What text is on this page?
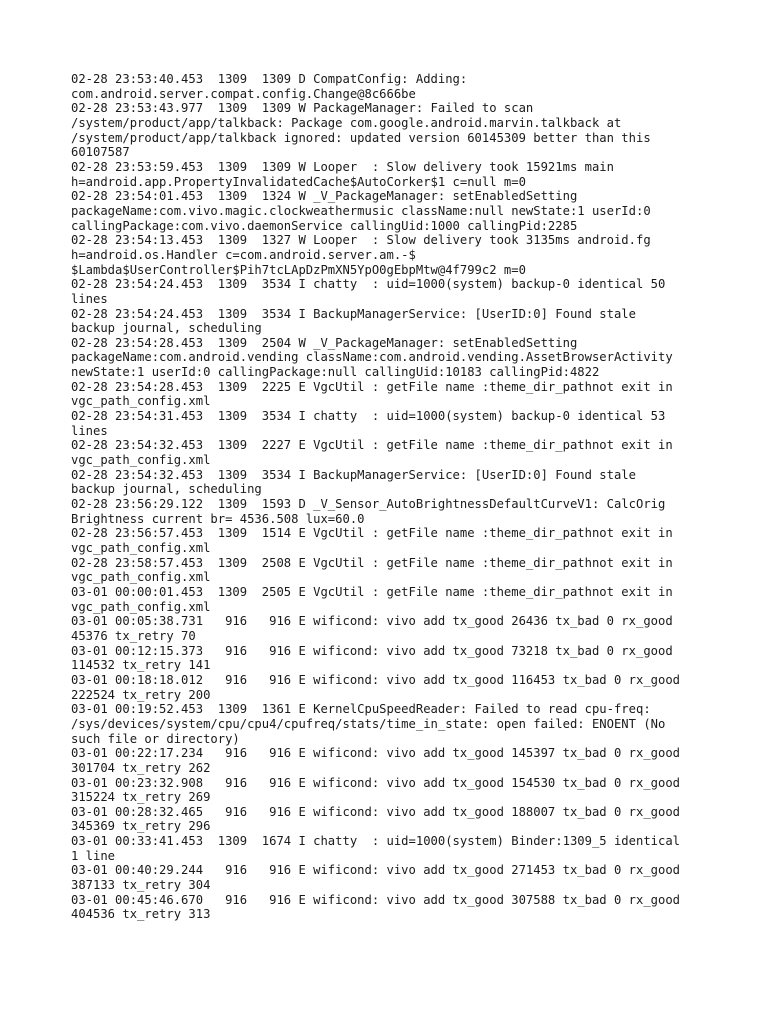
02-28 23:53:40.453  1309  1309 D CompatConfig: Adding:
com.android.server.compat.config.Change@8c666be

02-28 23:53:43.977  1309  1309 W PackageManager: Failed to scan
/system/product/app/talkback: Package com.google.android.marvin.talkback at
/system/product/app/talkback ignored: updated version 60145309 better than this
60107587

02-28 23:53:59.453  1309  1309 W Looper  : Slow delivery took 15921ms main
h=android.app.PropertyInvalidatedCache$AutoCorker$1 c=null m=0

02-28 23:54:01.453  1309  1324 W _V_PackageManager: setEnabledSetting
packageName:com.vivo.magic.clockweathermusic className:null newState:1 userId:0
callingPackage:com.vivo.daemonService callingUid:1000 callingPid:2285

02-28 23:54:13.453  1309  1327 W Looper  : Slow delivery took 3135ms android.fg
h=android.os.Handler c=com.android.server.am.-$
$Lambda$UserController$Pih7tcLApDzPmXN5YpO0gEbpMtw@4f799c2 m=0

02-28 23:54:24.453  1309  3534 I chatty  : uid=1000(system) backup-0 identical 50
lines

02-28 23:54:24.453  1309  3534 I BackupManagerService: [UserID:0] Found stale
backup journal, scheduling

02-28 23:54:28.453  1309  2504 W _V_PackageManager: setEnabledSetting
packageName:com.android.vending className:com.android.vending.AssetBrowserActivity
newState:1 userId:0 callingPackage:null callingUid:10183 callingPid:4822

02-28 23:54:28.453  1309  2225 E VgcUtil : getFile name :theme_dir_pathnot exit in
vgc_path_config.xml

02-28 23:54:31.453  1309  3534 I chatty  : uid=1000(system) backup-0 identical 53
lines

02-28 23:54:32.453  1309  2227 E VgcUtil : getFile name :theme_dir_pathnot exit in
vgc_path_config.xml

02-28 23:54:32.453  1309  3534 I BackupManagerService: [UserID:0] Found stale
backup journal, scheduling

02-28 23:56:29.122  1309  1593 D _V_Sensor_AutoBrightnessDefaultCurveV1: CalcOrig
Brightness current br= 4536.508 lux=60.0

02-28 23:56:57.453  1309  1514 E VgcUtil : getFile name :theme_dir_pathnot exit in
vgc_path_config.xml

02-28 23:58:57.453  1309  2508 E VgcUtil : getFile name :theme_dir_pathnot exit in
vgc_path_config.xml

03-01 00:00:01.453  1309  2505 E VgcUtil : getFile name :theme_dir_pathnot exit in
vgc_path_config.xml

03-01 00:05:38.731   916   916 E wificond: vivo add tx_good 26436 tx_bad 0 rx_good
45376 tx_retry 70

03-01 00:12:15.373   916   916 E wificond: vivo add tx_good 73218 tx_bad 0 rx_good
114532 tx_retry 141

03-01 00:18:18.012   916   916 E wificond: vivo add tx_good 116453 tx_bad 0 rx_good
222524 tx_retry 200

03-01 00:19:52.453  1309  1361 E KernelCpuSpeedReader: Failed to read cpu-freq:
/sys/devices/system/cpu/cpu4/cpufreq/stats/time_in_state: open failed: ENOENT (No
such file or directory)

03-01 00:22:17.234   916   916 E wificond: vivo add tx_good 145397 tx_bad 0 rx_good
301704 tx_retry 262

03-01 00:23:32.908   916   916 E wificond: vivo add tx_good 154530 tx_bad 0 rx_good
315224 tx_retry 269

03-01 00:28:32.465   916   916 E wificond: vivo add tx_good 188007 tx_bad 0 rx_good
345369 tx_retry 296

03-01 00:33:41.453  1309  1674 I chatty  : uid=1000(system) Binder:1309_5 identical
1 line

03-01 00:40:29.244   916   916 E wificond: vivo add tx_good 271453 tx_bad 0 rx_good
387133 tx_retry 304

03-01 00:45:46.670   916   916 E wificond: vivo add tx_good 307588 tx_bad 0 rx_good
404536 tx_retry 313
